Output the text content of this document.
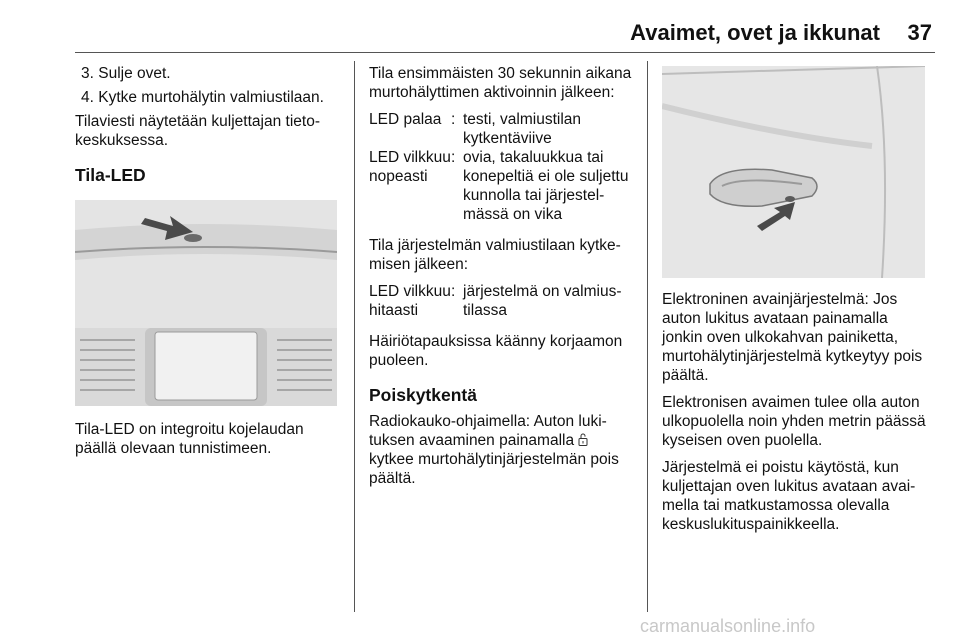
Avaimet, ovet ja ikkunat	37

3. Sulje ovet.

4. Kytke murtohälytin valmiustilaan.

Tilaviesti näytetään kuljettajan tietokeskuksessa.

Tila-LED

Tila-LED on integroitu kojelaudan päällä olevaan tunnistimeen.

Tila ensimmäisten 30 sekunnin aikana murtohälyttimen aktivoinnin jälkeen:

LED palaa : testi, valmiustilan kytkentäviive
LED vilkkuu nopeasti
: ovia, takaluukkua tai konepeltiä ei ole suljettu kunnolla tai järjestelmässä on vika

Tila järjestelmän valmiustilaan kytkemisen jälkeen:

LED vilkkuu hitaasti
: järjestelmä on valmiustilassa

Häiriötapauksissa käänny korjaamon puoleen.

Poiskytkentä

Radiokauko-ohjaimella: Auton lukituksen avaaminen painamalla  kytkee murtohälytinjärjestelmän pois päältä.

Elektroninen avainjärjestelmä: Jos auton lukitus avataan painamalla jonkin oven ulkokahvan painiketta, murtohälytinjärjestelmä kytkeytyy pois päältä.

Elektronisen avaimen tulee olla auton ulkopuolella noin yhden metrin päässä kyseisen oven puolella.

Järjestelmä ei poistu käytöstä, kun kuljettajan oven lukitus avataan avaimella tai matkustamossa olevalla keskuslukituspainikkeella.

carmanualsonline.info
